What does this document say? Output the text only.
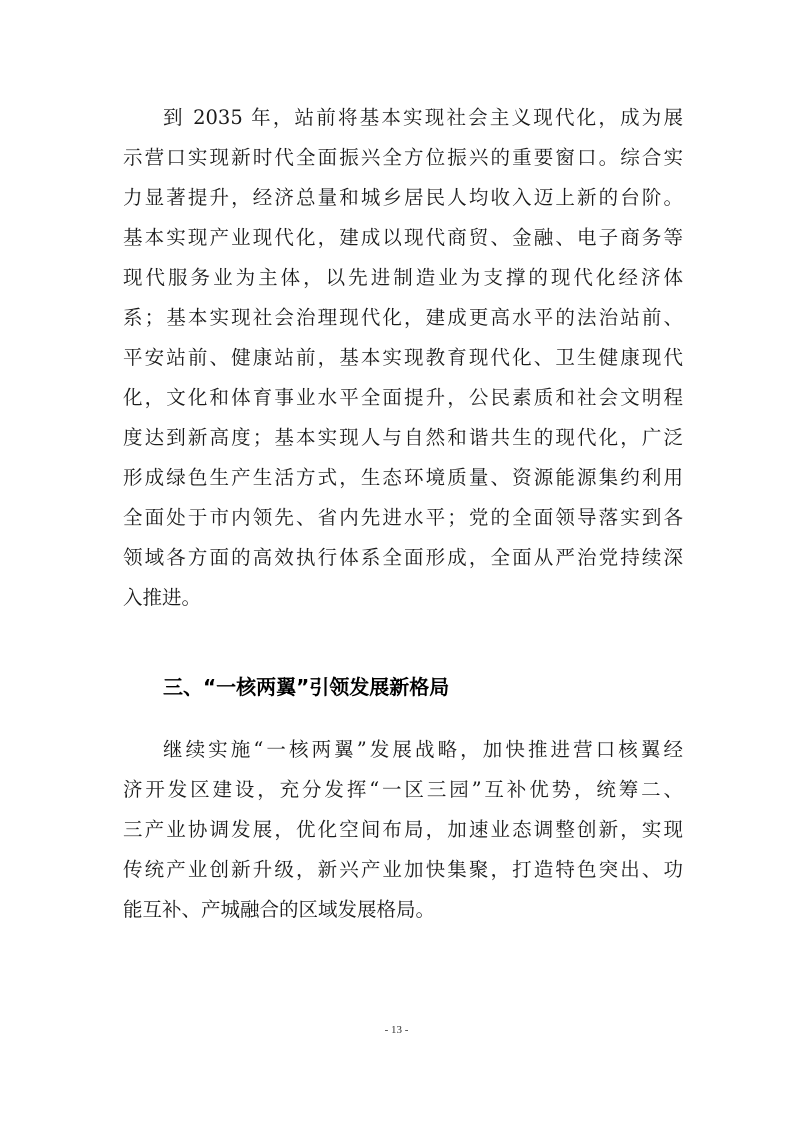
到 2035 年，站前将基本实现社会主义现代化，成为展
示营口实现新时代全面振兴全方位振兴的重要窗口。综合实
力显著提升，经济总量和城乡居民人均收入迈上新的台阶。
基本实现产业现代化，建成以现代商贸、金融、电子商务等
现代服务业为主体，以先进制造业为支撑的现代化经济体
系；基本实现社会治理现代化，建成更高水平的法治站前、
平安站前、健康站前，基本实现教育现代化、卫生健康现代
化，文化和体育事业水平全面提升，公民素质和社会文明程
度达到新高度；基本实现人与自然和谐共生的现代化，广泛
形成绿色生产生活方式，生态环境质量、资源能源集约利用
全面处于市内领先、省内先进水平；党的全面领导落实到各
领域各方面的高效执行体系全面形成，全面从严治党持续深
入推进。
三、“一核两翼”引领发展新格局
继续实施“一核两翼”发展战略，加快推进营口核翼经
济开发区建设，充分发挥“一区三园”互补优势，统筹二、
三产业协调发展，优化空间布局，加速业态调整创新，实现
传统产业创新升级，新兴产业加快集聚，打造特色突出、功
能互补、产城融合的区域发展格局。
- 13 -
